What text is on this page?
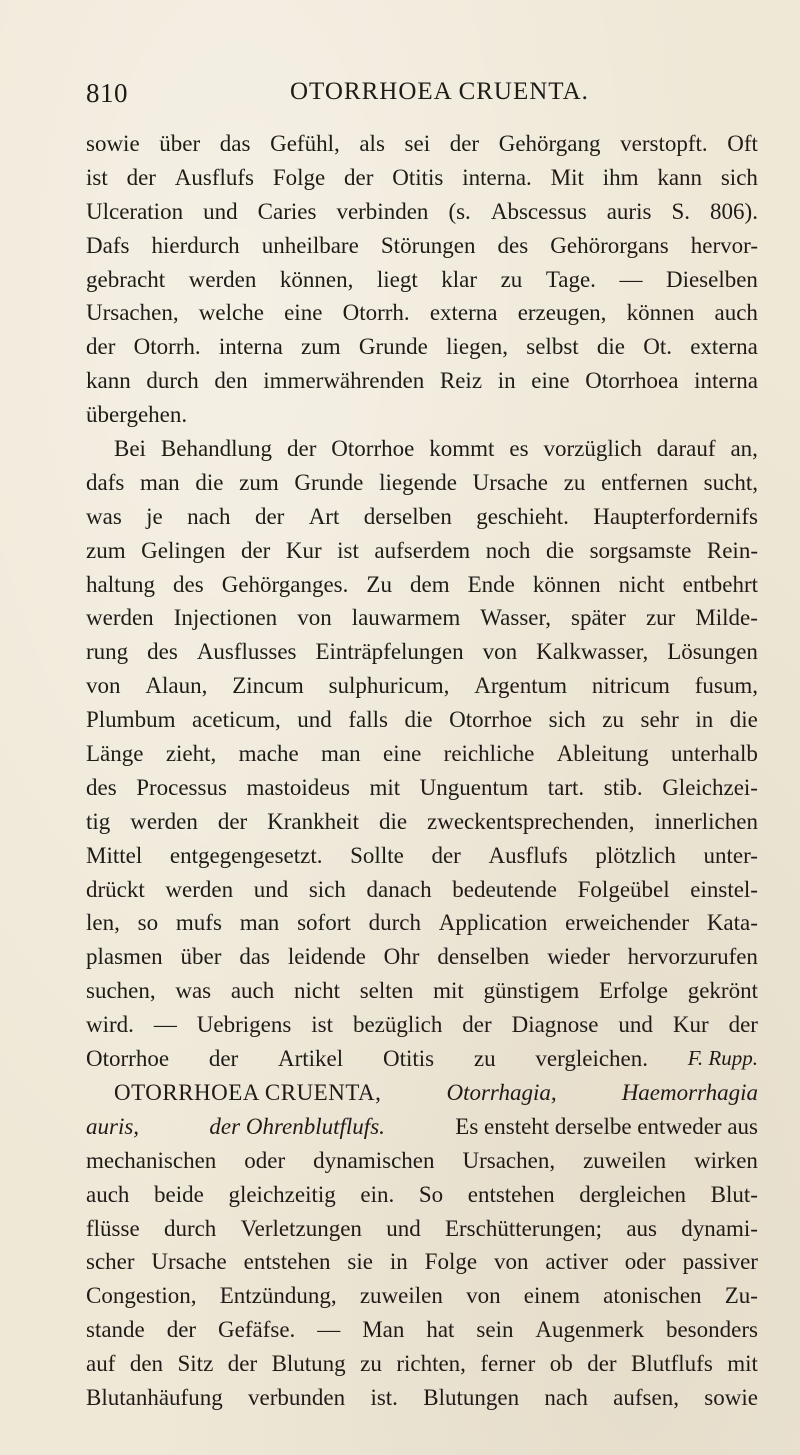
810	OTORRHOEA CRUENTA.
sowie über das Gefühl, als sei der Gehörgang verstopft. Oft
ist der Ausflufs Folge der Otitis interna. Mit ihm kann sich
Ulceration und Caries verbinden (s. Abscessus auris S. 806).
Dafs hierdurch unheilbare Störungen des Gehörorgans hervor-
gebracht werden können, liegt klar zu Tage. — Dieselben
Ursachen, welche eine Otorrh. externa erzeugen, können auch
der Otorrh. interna zum Grunde liegen, selbst die Ot. externa
kann durch den immerwährenden Reiz in eine Otorrhoea interna
übergehen.
Bei Behandlung der Otorrhoe kommt es vorzüglich darauf an,
dafs man die zum Grunde liegende Ursache zu entfernen sucht,
was je nach der Art derselben geschieht. Haupterfordernifs
zum Gelingen der Kur ist aufserdem noch die sorgsamste Rein-
haltung des Gehörganges. Zu dem Ende können nicht entbehrt
werden Injectionen von lauwarmem Wasser, später zur Milde-
rung des Ausflusses Einträpfelungen von Kalkwasser, Lösungen
von Alaun, Zincum sulphuricum, Argentum nitricum fusum,
Plumbum aceticum, und falls die Otorrhoe sich zu sehr in die
Länge zieht, mache man eine reichliche Ableitung unterhalb
des Processus mastoideus mit Unguentum tart. stib. Gleichzei-
tig werden der Krankheit die zweckentsprechenden, innerlichen
Mittel entgegengesetzt. Sollte der Ausflufs plötzlich unter-
drückt werden und sich danach bedeutende Folgeübel einstel-
len, so mufs man sofort durch Application erweichender Kata-
plasmen über das leidende Ohr denselben wieder hervorzurufen
suchen, was auch nicht selten mit günstigem Erfolge gekrönt
wird. — Uebrigens ist bezüglich der Diagnose und Kur der
Otorrhoe der Artikel Otitis zu vergleichen. F. Rupp.
OTORRHOEA CRUENTA,	Otorrhagia,	Haemorrhagia
auris,	der Ohrenblutflufs.	Es ensteht derselbe entweder aus
mechanischen oder dynamischen Ursachen, zuweilen wirken
auch beide gleichzeitig ein. So entstehen dergleichen Blut-
flüsse durch Verletzungen und Erschütterungen; aus dynami-
scher Ursache entstehen sie in Folge von activer oder passiver
Congestion, Entzündung, zuweilen von einem atonischen Zu-
stande der Gefäfse. — Man hat sein Augenmerk besonders
auf den Sitz der Blutung zu richten, ferner ob der Blutflufs mit
Blutanhäufung verbunden ist. Blutungen nach aufsen, sowie
